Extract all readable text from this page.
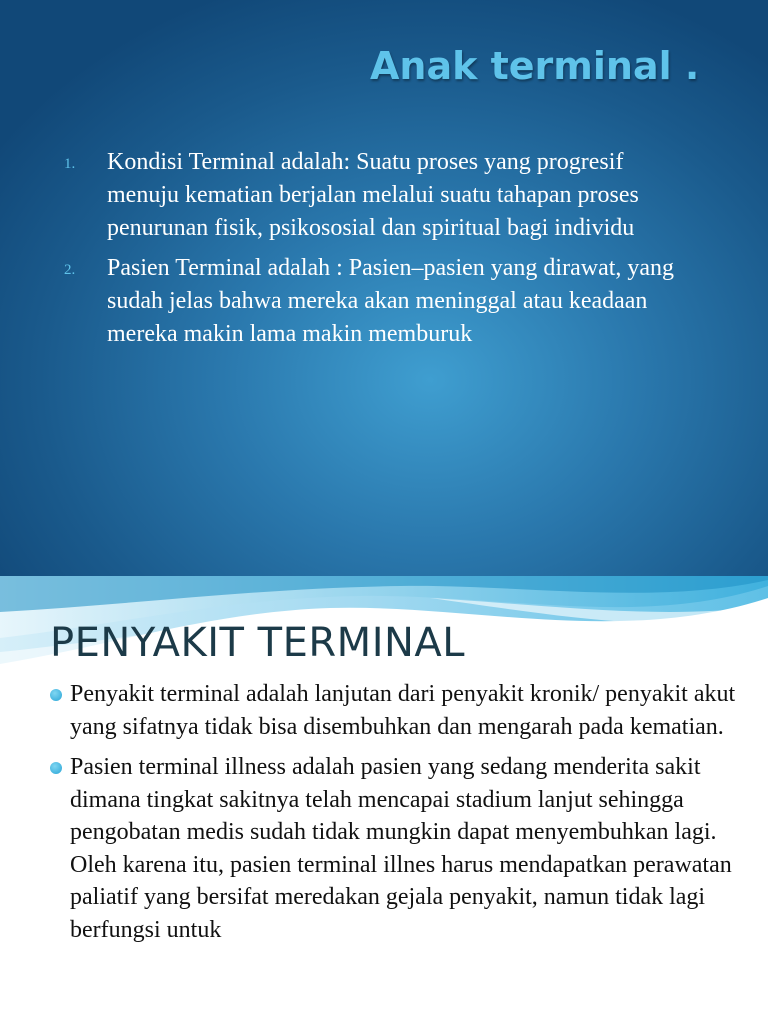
Anak terminal .
1. Kondisi Terminal adalah: Suatu proses yang progresif menuju kematian berjalan melalui suatu tahapan proses penurunan fisik, psikososial dan spiritual bagi individu
2. Pasien Terminal adalah : Pasien–pasien yang dirawat, yang sudah jelas bahwa mereka akan meninggal atau keadaan mereka makin lama makin memburuk
PENYAKIT TERMINAL
Penyakit terminal adalah lanjutan dari penyakit kronik/ penyakit akut yang sifatnya tidak bisa disembuhkan dan mengarah pada kematian.
Pasien terminal illness adalah pasien yang sedang menderita sakit dimana tingkat sakitnya telah mencapai stadium lanjut sehingga pengobatan medis sudah tidak mungkin dapat menyembuhkan lagi. Oleh karena itu, pasien terminal illnes harus mendapatkan perawatan paliatif yang bersifat meredakan gejala penyakit, namun tidak lagi berfungsi untuk
